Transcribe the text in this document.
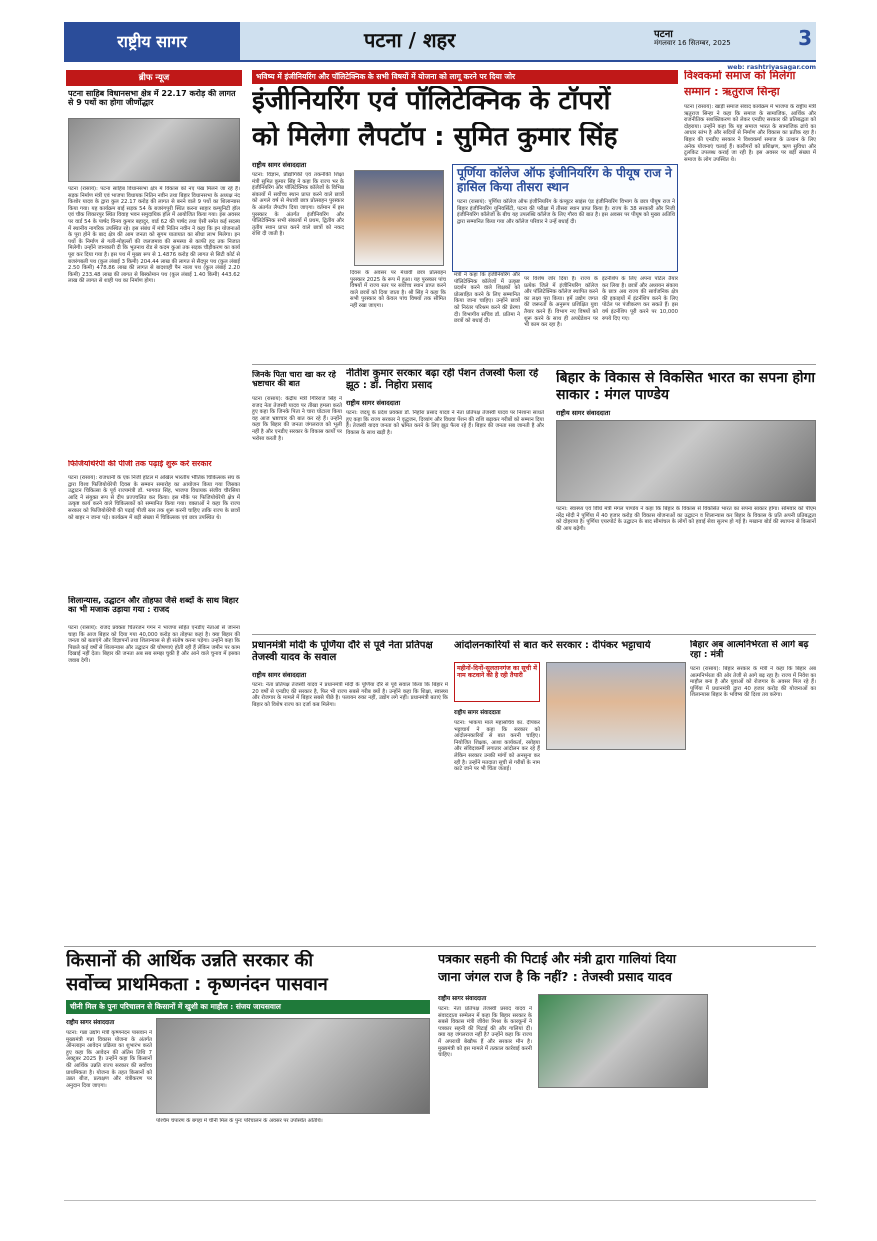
राष्ट्रीय सागर	पटना / शहर	पटना
मंगलवार 16 सितम्बर, 2025	3
web: rashtriyasagar.com
ब्रीफ न्यूज
पटना साहिब विधानसभा क्षेत्र में 22.17 करोड़ की लागत से 9 पथों का होगा जीर्णोद्धार
पटना (रासायं): पटना साहिब विधानसभा क्षेत्र में विकास को नए पंख मिलने जा रहे हैं। सड़क निर्माण मंत्री एवं भाजपा विधायक नितिन नवीन तथा बिहार विधानसभा के अध्यक्ष नंद किशोर यादव के द्वारा कुल 22.17 करोड़ की लागत से बनने वाले 9 पथों का शिलान्यास किया गया। यह कार्यक्रम बाई सड़क 54 के बजरंगपुरी स्थित करना साहार कम्युनिटी हॉल एवं चौक शिकारपुर स्थित विवाह भवन समुदायिक हॉल में आयोजित किया गया। इस अवसर पर वार्ड 54 के पार्षद विनय कुमार बहादुर, वार्ड 62 की पार्षद तथा ऐसी समेत कई सदस्य में स्थानीय नागरिक उपस्थित रहे। इस संबंध में मंत्री नितिन नवीन ने कहा कि इन योजनाओं के पूरा होने के बाद क्षेत्र की आम जनता को सुगम यातायात का सीधा लाभ मिलेगा। इन पथों के निर्माण से गली-मोहल्लों की जलजमाव की समस्या से काफी हद तक निजात मिलेगी। उन्होंने जानकारी दी कि भूतनाथ रोड से कदम कुआं तक सड़क चौड़ीकरण का कार्य पूरा कर दिया गया है। इस पथ में मुख्य रूप से 1.4876 करोड़ की लागत से सिटी कोर्ट से बजरंगबली पथ (कुल लंबाई 3 किमी) 204.44 लाख की लागत से सैदपुर पथ (कुल लंबाई 2.50 किमी) 478.86 लाख की लागत से बादशाही पैन नाला पथ (कुल लंबाई 2.20 किमी) 233.48 लाख की लागत से बिस्कोमान पथ (कुल लंबाई 1.40 किमी) 443.62 लाख की लागत से शाही पथ का निर्माण होगा।
फिजियोथेरेपी की पीजी तक पढ़ाई शुरू करे सरकार
पटना (रासायं): राजधानी के एक निजी होटल में अखिल भारतीय भौतिक चिकित्सक संघ के द्वारा विश्व फिजियोथेरेपी दिवस के सम्मान समारोह का आयोजन किया गया जिसका उद्घाटन चिकित्सा के पूर्व राज्यमंत्री डॉ. भागवत सिंह, भाजपा विधायक संजीव चौरसिया आदि ने संयुक्त रूप से दीप प्रज्ज्वलित कर किया। इस मौके पर फिजियोथेरेपी क्षेत्र में उत्कृष्ट कार्य करने वाले चिकित्सकों को सम्मानित किया गया। वक्ताओं ने कहा कि राज्य सरकार को फिजियोथेरेपी की पढ़ाई पीजी स्तर तक शुरू करनी चाहिए ताकि राज्य के छात्रों को बाहर न जाना पड़े। कार्यक्रम में बड़ी संख्या में चिकित्सक एवं छात्र उपस्थित थे।
शिलान्यास, उद्घाटन और तोहफा जैसे शब्दों के साथ बिहार का भी मजाक उड़ाया गया : राजद
पटना (रासायं): राजद प्रवक्ता चितरंजन गगन ने भाजपा सहित एनडीए नेताओं से जानना चाहा कि आज बिहार को दिया गया 40,000 करोड़ का तोहफा कहां है। क्या बिहार की जनता को बताएंगे और विज्ञापनों तथा शिलान्यास से ही संतोष करना पड़ेगा। उन्होंने कहा कि पिछले कई वर्षों से शिलान्यास और उद्घाटन की घोषणाएं होती रही हैं लेकिन जमीन पर काम दिखाई नहीं देता। बिहार की जनता अब सब समझ चुकी है और आने वाले चुनाव में इसका जवाब देगी।
भविष्य में इंजीनियरिंग और पॉलिटेक्निक के सभी विषयों में योजना को लागू करने पर दिया जोर
इंजीनियरिंग एवं पॉलिटेक्निक के टॉपरों
को मिलेगा लैपटॉप : सुमित कुमार सिंह
राष्ट्रीय सागर संवाददाता
पटना: विज्ञान, प्रौद्योगिकी एवं तकनीकी शिक्षा मंत्री सुमित कुमार सिंह ने कहा कि राज्य भर के इंजीनियरिंग और पॉलिटेक्निक कॉलेजों के विभिन्न संकायों में सर्वोच्च स्थान प्राप्त करने वाले छात्रों को अगले वर्ष से मेधावी छात्र प्रोत्साहन पुरस्कार के अंतर्गत लैपटॉप दिया जाएगा। वर्तमान में इस पुरस्कार के अंतर्गत इंजीनियरिंग और पॉलिटेक्निक सभी संकायों में प्रथम, द्वितीय और तृतीय स्थान प्राप्त करने वाले छात्रों को नकद राशि दी जाती है।
दिवस के अवसर पर मेधावी छात्र प्रोत्साहन पुरस्कार 2025 के रूप में हुआ। यह पुरस्कार पांच विषयों में राज्य स्तर पर सर्वोच्च स्थान प्राप्त करने वाले छात्रों को दिया जाता है। श्री सिंह ने कहा कि सभी पुरस्कार को केवल पांच विषयों तक सीमित नहीं रखा जाएगा।
मंत्री ने कहा कि इंजीनियरिंग और पॉलिटेक्निक कॉलेजों में उत्कृष्ट प्रदर्शन करने वाले शिक्षकों को प्रोत्साहित करने के लिए सम्मानित किया जाना चाहिए। उन्होंने छात्रों को निरंतर परिश्रम करने की प्रेरणा दी। विभागीय सचिव डॉ. प्रतिमा ने छात्रों को बधाई दी।
पूर्णिया कॉलेज ऑफ इंजीनियरिंग के पीयूष राज ने हासिल किया तीसरा स्थान
पटना (रासायं): पूर्णिया कॉलेज ऑफ इंजीनियरिंग के कंप्यूटर साइंस एंड इंजीनियरिंग विभाग के छात्र पीयूष राज ने बिहार इंजीनियरिंग यूनिवर्सिटी, पटना की परीक्षा में तीसरा स्थान प्राप्त किया है। राज्य के 38 सरकारी और निजी इंजीनियरिंग कॉलेजों के बीच यह उपलब्धि कॉलेज के लिए गौरव की बात है। इस अवसर पर पीयूष को मुख्य अतिथि द्वारा सम्मानित किया गया और कॉलेज परिवार ने उन्हें बधाई दी।
पर विशेष जोर दिया है। राज्य के प्रत्येक जिले में इंजीनियरिंग कॉलेज और पॉलिटेक्निक कॉलेज स्थापित करने का लक्ष्य पूरा किया। हमें उद्योग जगत की जरूरतों के अनुरूप प्रशिक्षित युवा तैयार करने हैं। विभाग नए विषयों को शुरू करने के साथ ही अपग्रेडेशन पर भी काम कर रहा है।
इंटर्नशिप के लिए अपना पोर्टल तैयार कर लिया है। छात्रों और अध्ययन संकाय के छात्र अब राज्य की सार्वजनिक क्षेत्र की इकाइयों में इंटर्नशिप करने के लिए पोर्टल पर पंजीकरण कर सकते हैं। इस वर्ष इंटर्नशिप पूरी करने पर 10,000 रुपये दिए गए।
विश्वकर्मा समाज को मिलेगा
सम्मान : ऋतुराज सिन्हा
पटना (रासायं): खाड़ी समाज संवाद कार्यक्रम में भाजपा के राष्ट्रीय मंत्री ऋतुराज सिन्हा ने कहा कि समाज के सामाजिक, आर्थिक और राजनीतिक सशक्तिकरण को लेकर एनडीए सरकार की प्रतिबद्धता को दोहराया। उन्होंने कहा कि यह समाज भारत के सामाजिक ढांचे का आधार स्तंभ है और सदियों से निर्माण और विकास का प्रतीक रहा है। बिहार की एनडीए सरकार ने विश्वकर्मा समाज के उत्थान के लिए अनेक योजनाएं चलाई हैं। कारीगरों को प्रशिक्षण, ऋण सुविधा और टूलकिट उपलब्ध कराई जा रही है। इस अवसर पर बड़ी संख्या में समाज के लोग उपस्थित थे।
जिनके पिता चारा खा कर रहे भ्रष्टाचार की बात
पटना (रासायं): केंद्रीय मंत्री गिरिराज सिंह ने राजद नेता तेजस्वी यादव पर तीखा हमला करते हुए कहा कि जिनके पिता ने चारा घोटाला किया वह आज भ्रष्टाचार की बात कर रहे हैं। उन्होंने कहा कि बिहार की जनता जंगलराज को भूली नहीं है और एनडीए सरकार के विकास कार्यों पर भरोसा करती है।
नीतीश कुमार सरकार बढ़ा रही पेंशन तेजस्वी फैला रहे झूठ : डॉ. निहोरा प्रसाद
राष्ट्रीय सागर संवाददाता
पटना: जदयू के प्रदेश प्रवक्ता डॉ. निहोरा प्रसाद यादव ने नेता प्रतिपक्ष तेजस्वी यादव पर निशाना साधते हुए कहा कि राज्य सरकार ने वृद्धजन, दिव्यांग और विधवा पेंशन की राशि बढ़ाकर गरीबों को सम्मान दिया है। तेजस्वी यादव जनता को भ्रमित करने के लिए झूठ फैला रहे हैं। बिहार की जनता सब जानती है और विकास के साथ खड़ी है।
बिहार के विकास से विकसित भारत का सपना होगा साकार : मंगल पाण्डेय
राष्ट्रीय सागर संवाददाता
पटना: स्वास्थ्य एवं विधि मंत्री मंगल पाण्डेय ने कहा कि बिहार के विकास से विकसित भारत का सपना साकार होगा। सोमवार को पीएम नरेंद्र मोदी ने पूर्णिया में 40 हजार करोड़ की विकास योजनाओं का उद्घाटन व शिलान्यास कर बिहार के विकास के प्रति अपनी प्रतिबद्धता को दोहराया है। पूर्णिया एयरपोर्ट के उद्घाटन के बाद सीमांचल के लोगों को हवाई सेवा सुलभ हो गई है। मखाना बोर्ड की स्थापना से किसानों की आय बढ़ेगी।
प्रधानमंत्री मोदी के पूर्णिया दौरे से पूर्व नेता प्रतिपक्ष तेजस्वी यादव के सवाल
राष्ट्रीय सागर संवाददाता
पटना: नेता प्रतिपक्ष तेजस्वी यादव ने प्रधानमंत्री मोदी के पूर्णिया दौरे से पूर्व सवाल किया कि बिहार में 20 वर्षों से एनडीए की सरकार है, फिर भी राज्य सबसे गरीब क्यों है। उन्होंने कहा कि शिक्षा, स्वास्थ्य और रोजगार के मामले में बिहार सबसे पीछे है। पलायन रुका नहीं, उद्योग लगे नहीं। प्रधानमंत्री बताएं कि बिहार को विशेष राज्य का दर्जा कब मिलेगा।
आंदोलनकारियों से बात करे सरकार : दीपंकर भट्टाचार्य
महीनों-दिनों-सुलतानगंज का सूची में नाम कटवाने की है रही तैयारी
राष्ट्रीय सागर संवाददाता
पटना: भाकपा माले महासचिव का. दीपंकर भट्टाचार्य ने कहा कि सरकार को आंदोलनकारियों से बात करनी चाहिए। नियोजित शिक्षक, आशा कार्यकर्ता, रसोइया और संविदाकर्मी लगातार आंदोलन कर रहे हैं लेकिन सरकार उनकी मांगों को अनसुना कर रही है। उन्होंने मतदाता सूची से गरीबों के नाम काटे जाने पर भी चिंता जताई।
बिहार अब आत्मनिर्भरता से आगे बढ़ रहा : मंत्री
पटना (रासायं): बिहार सरकार के मंत्री ने कहा कि बिहार अब आत्मनिर्भरता की ओर तेजी से आगे बढ़ रहा है। राज्य में निवेश का माहौल बना है और युवाओं को रोजगार के अवसर मिल रहे हैं। पूर्णिया में प्रधानमंत्री द्वारा 40 हजार करोड़ की योजनाओं का शिलान्यास बिहार के भविष्य की दिशा तय करेगा।
किसानों की आर्थिक उन्नति सरकार की
सर्वोच्च प्राथमिकता : कृष्णनंदन पासवान
चीनी मिल के पुनः परिचालन से किसानों में खुशी का माहौल : संजय जायसवाल
राष्ट्रीय सागर संवाददाता
पटना: गन्ना उद्योग मंत्री कृष्णनंदन पासवान ने मुख्यमंत्री गन्ना विकास योजना के अंतर्गत ऑनलाइन आवेदन प्रक्रिया का शुभारंभ करते हुए कहा कि आवेदन की अंतिम तिथि 7 अक्टूबर 2025 है। उन्होंने कहा कि किसानों की आर्थिक उन्नति राज्य सरकार की सर्वोच्च प्राथमिकता है। योजना के तहत किसानों को उन्नत बीज, प्रत्यक्षण और यंत्रीकरण पर अनुदान दिया जाएगा।
पश्चिम चंपारण के बगहा में चीनी मिल के पुनः परिचालन के अवसर पर उपस्थित अतिथि।
पत्रकार सहनी की पिटाई और मंत्री द्वारा गालियां दिया
जाना जंगल राज है कि नहीं? : तेजस्वी प्रसाद यादव
राष्ट्रीय सागर संवाददाता
पटना: नेता प्रतिपक्ष तेजस्वी प्रसाद यादव ने संवाददाता सम्मेलन में कहा कि बिहार सरकार के सबसे विकास मंत्री जीवेश मिश्रा के कारकूनों ने पत्रकार सहनी की पिटाई की और गालियां दीं। क्या यह जंगलराज नहीं है? उन्होंने कहा कि राज्य में अपराधी बेखौफ हैं और सरकार मौन है। मुख्यमंत्री को इस मामले में तत्काल कार्रवाई करनी चाहिए।
